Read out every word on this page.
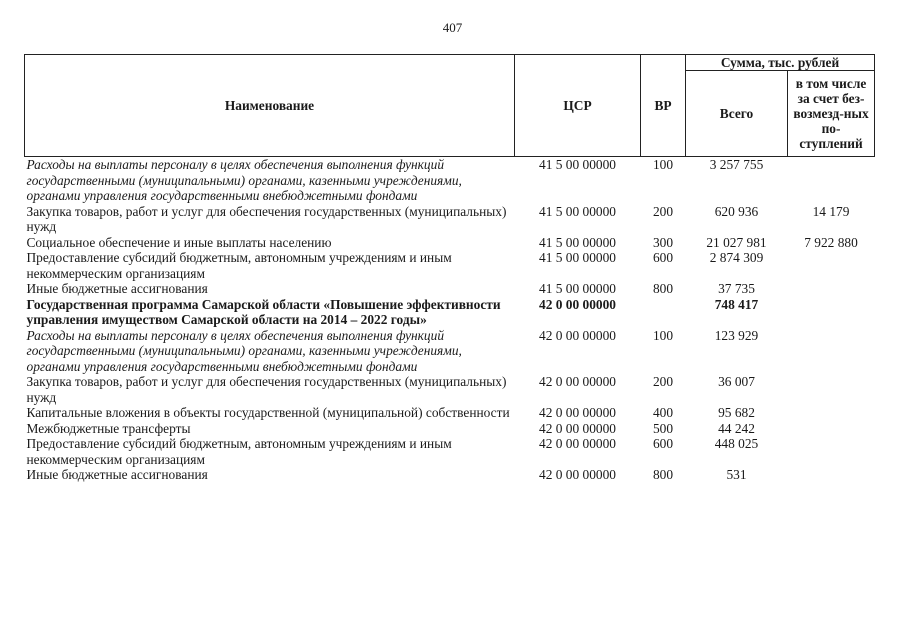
407
Наименование	ЦСР	ВР	Сумма, тыс. рублей	
			Всего	в том числе за счет без-возмезд-ных по-ступлений
Расходы на выплаты персоналу в целях обеспечения выполнения функций государственными (муниципальными) органами, казенными учреждениями, органами управления государственными внебюджетными фондами	41 5 00 00000	100	3 257 755	
Закупка товаров, работ и услуг для обеспечения государственных (муниципальных) нужд	41 5 00 00000	200	620 936	14 179
Социальное обеспечение и иные выплаты населению	41 5 00 00000	300	21 027 981	7 922 880
Предоставление субсидий бюджетным, автономным учреждениям и иным некоммерческим организациям	41 5 00 00000	600	2 874 309	
Иные бюджетные ассигнования	41 5 00 00000	800	37 735	
Государственная программа Самарской области «Повышение эффективности управления имуществом Самарской области на 2014 – 2022 годы»	42 0 00 00000		748 417	
Расходы на выплаты персоналу в целях обеспечения выполнения функций государственными (муниципальными) органами, казенными учреждениями, органами управления государственными внебюджетными фондами	42 0 00 00000	100	123 929	
Закупка товаров, работ и услуг для обеспечения государственных (муниципальных) нужд	42 0 00 00000	200	36 007	
Капитальные вложения в объекты государственной (муниципальной) собственности	42 0 00 00000	400	95 682	
Межбюджетные трансферты	42 0 00 00000	500	44 242	
Предоставление субсидий бюджетным, автономным учреждениям и иным некоммерческим организациям	42 0 00 00000	600	448 025	
Иные бюджетные ассигнования	42 0 00 00000	800	531	
